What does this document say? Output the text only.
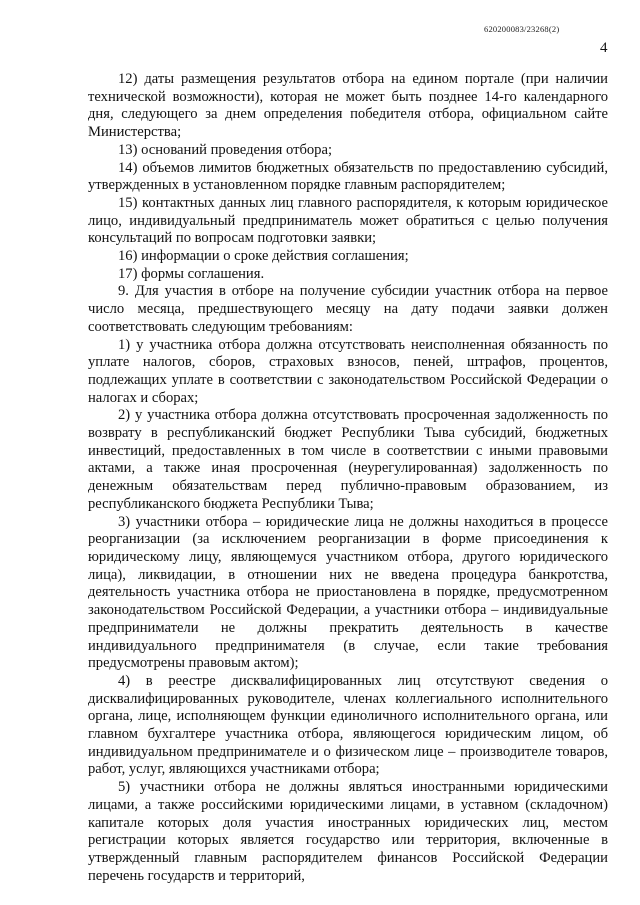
620200083/23268(2)
4

12) даты размещения результатов отбора на едином портале (при наличии технической возможности), которая не может быть позднее 14-го календарного дня, следующего за днем определения победителя отбора, официальном сайте Министерства;

13) оснований проведения отбора;

14) объемов лимитов бюджетных обязательств по предоставлению субсидий, утвержденных в установленном порядке главным распорядителем;

15) контактных данных лиц главного распорядителя, к которым юридическое лицо, индивидуальный предприниматель может обратиться с целью получения консультаций по вопросам подготовки заявки;

16) информации о сроке действия соглашения;

17) формы соглашения.

9. Для участия в отборе на получение субсидии участник отбора на первое число месяца, предшествующего месяцу на дату подачи заявки должен соответствовать следующим требованиям:

1) у участника отбора должна отсутствовать неисполненная обязанность по уплате налогов, сборов, страховых взносов, пеней, штрафов, процентов, подлежащих уплате в соответствии с законодательством Российской Федерации о налогах и сборах;

2) у участника отбора должна отсутствовать просроченная задолженность по возврату в республиканский бюджет Республики Тыва субсидий, бюджетных инвестиций, предоставленных в том числе в соответствии с иными правовыми актами, а также иная просроченная (неурегулированная) задолженность по денежным обязательствам перед публично-правовым образованием, из республиканского бюджета Республики Тыва;

3) участники отбора – юридические лица не должны находиться в процессе реорганизации (за исключением реорганизации в форме присоединения к юридическому лицу, являющемуся участником отбора, другого юридического лица), ликвидации, в отношении них не введена процедура банкротства, деятельность участника отбора не приостановлена в порядке, предусмотренном законодательством Российской Федерации, а участники отбора – индивидуальные предприниматели не должны прекратить деятельность в качестве индивидуального предпринимателя (в случае, если такие требования предусмотрены правовым актом);

4) в реестре дисквалифицированных лиц отсутствуют сведения о дисквалифицированных руководителе, членах коллегиального исполнительного органа, лице, исполняющем функции единоличного исполнительного органа, или главном бухгалтере участника отбора, являющегося юридическим лицом, об индивидуальном предпринимателе и о физическом лице – производителе товаров, работ, услуг, являющихся участниками отбора;

5) участники отбора не должны являться иностранными юридическими лицами, а также российскими юридическими лицами, в уставном (складочном) капитале которых доля участия иностранных юридических лиц, местом регистрации которых является государство или территория, включенные в утвержденный главным распорядителем финансов Российской Федерации перечень государств и территорий,
